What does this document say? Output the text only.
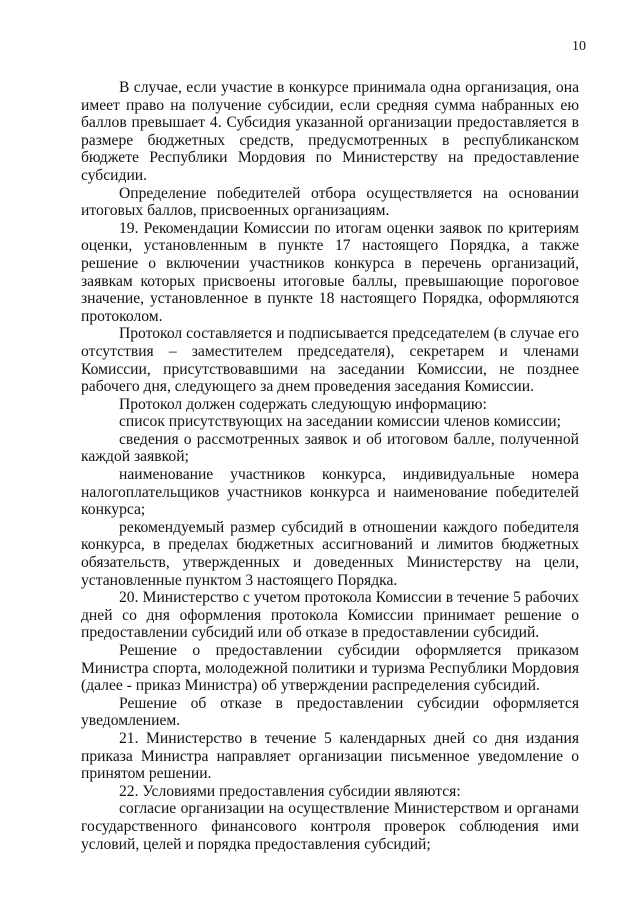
10

В случае, если участие в конкурсе принимала одна организация, она имеет право на получение субсидии, если средняя сумма набранных ею баллов превышает 4. Субсидия указанной организации предоставляется в размере бюджетных средств, предусмотренных в республиканском бюджете Республики Мордовия по Министерству на предоставление субсидии.

Определение победителей отбора осуществляется на основании итоговых баллов, присвоенных организациям.

19. Рекомендации Комиссии по итогам оценки заявок по критериям оценки, установленным в пункте 17 настоящего Порядка, а также решение о включении участников конкурса в перечень организаций, заявкам которых присвоены итоговые баллы, превышающие пороговое значение, установленное в пункте 18 настоящего Порядка, оформляются протоколом.

Протокол составляется и подписывается председателем (в случае его отсутствия – заместителем председателя), секретарем и членами Комиссии, присутствовавшими на заседании Комиссии, не позднее рабочего дня, следующего за днем проведения заседания Комиссии.

Протокол должен содержать следующую информацию:

список присутствующих на заседании комиссии членов комиссии;

сведения о рассмотренных заявок и об итоговом балле, полученной каждой заявкой;

наименование участников конкурса, индивидуальные номера налогоплательщиков участников конкурса и наименование победителей конкурса;

рекомендуемый размер субсидий в отношении каждого победителя конкурса, в пределах бюджетных ассигнований и лимитов бюджетных обязательств, утвержденных и доведенных Министерству на цели, установленные пунктом 3 настоящего Порядка.

20. Министерство с учетом протокола Комиссии в течение 5 рабочих дней со дня оформления протокола Комиссии принимает решение о предоставлении субсидий или об отказе в предоставлении субсидий.

Решение о предоставлении субсидии оформляется приказом Министра спорта, молодежной политики и туризма Республики Мордовия (далее - приказ Министра) об утверждении распределения субсидий.

Решение об отказе в предоставлении субсидии оформляется уведомлением.

21. Министерство в течение 5 календарных дней со дня издания приказа Министра направляет организации письменное уведомление о принятом решении.

22. Условиями предоставления субсидии являются:

согласие организации на осуществление Министерством и органами государственного финансового контроля проверок соблюдения ими условий, целей и порядка предоставления субсидий;
